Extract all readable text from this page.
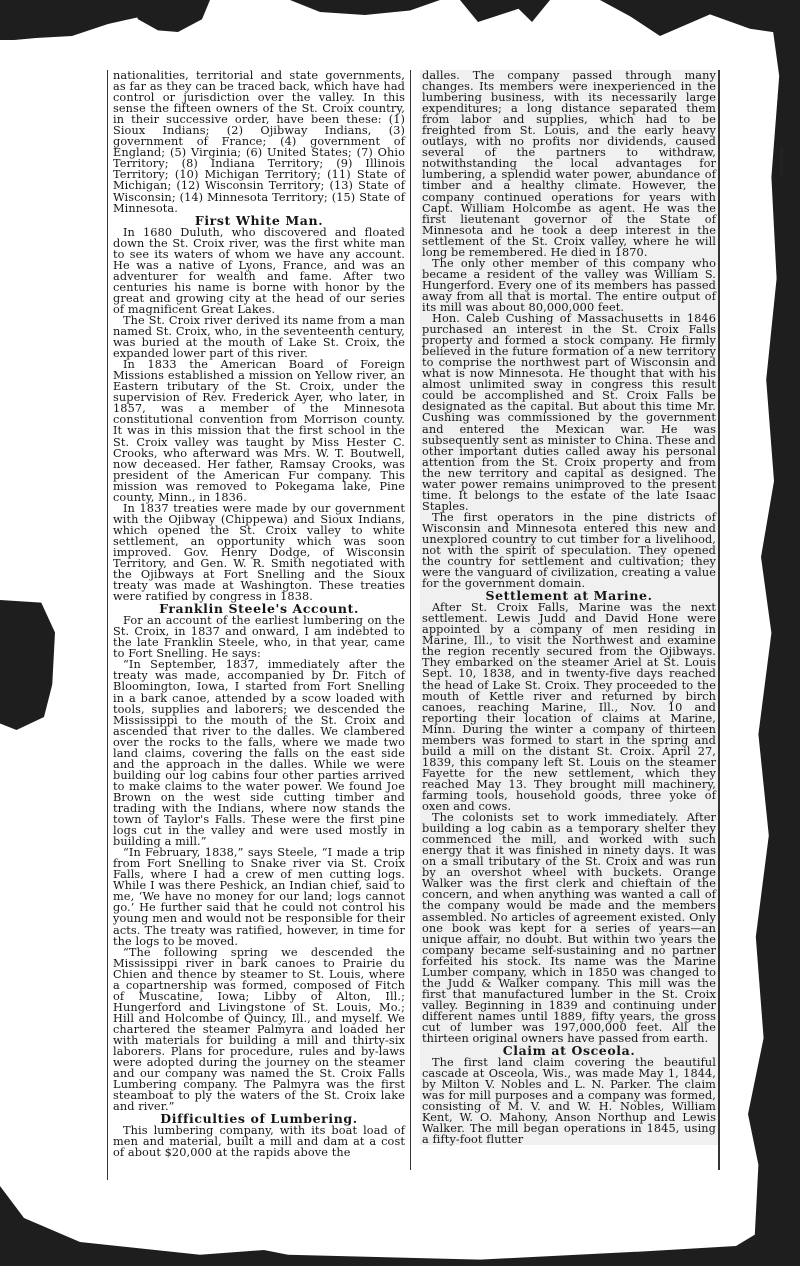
nationalities, territorial and state governments, as far as they can be traced back, which have had control or jurisdiction over the valley. In this sense the fifteen owners of the St. Croix country, in their successive order, have been these: (1) Sioux Indians; (2) Ojibway Indians, (3) government of France; (4) government of England; (5) Virginia; (6) United States; (7) Ohio Territory; (8) Indiana Territory; (9) Illinois Territory; (10) Michigan Territory; (11) State of Michigan; (12) Wisconsin Territory; (13) State of Wisconsin; (14) Minnesota Territory; (15) State of Minnesota.

First White Man.

In 1680 Duluth, who discovered and floated down the St. Croix river, was the first white man to see its waters of whom we have any account. He was a native of Lyons, France, and was an adventurer for wealth and fame. After two centuries his name is borne with honor by the great and growing city at the head of our series of magnificent Great Lakes.

The St. Croix river derived its name from a man named St. Croix, who, in the seventeenth century, was buried at the mouth of Lake St. Croix, the expanded lower part of this river.

In 1833 the American Board of Foreign Missions established a mission on Yellow river, an Eastern tributary of the St. Croix, under the supervision of Rev. Frederick Ayer, who later, in 1857, was a member of the Minnesota constitutional convention from Morrison county. It was in this mission that the first school in the St. Croix valley was taught by Miss Hester C. Crooks, who afterward was Mrs. W. T. Boutwell, now deceased. Her father, Ramsay Crooks, was president of the American Fur company. This mission was removed to Pokegama lake, Pine county, Minn., in 1836.

In 1837 treaties were made by our government with the Ojibway (Chippewa) and Sioux Indians, which opened the St. Croix valley to white settlement, an opportunity which was soon improved. Gov. Henry Dodge, of Wisconsin Territory, and Gen. W. R. Smith negotiated with the Ojibways at Fort Snelling and the Sioux treaty was made at Washington. These treaties were ratified by congress in 1838.

Franklin Steele's Account.

For an account of the earliest lumbering on the St. Croix, in 1837 and onward, I am indebted to the late Franklin Steele, who, in that year, came to Fort Snelling. He says:

“In September, 1837, immediately after the treaty was made, accompanied by Dr. Fitch of Bloomington, Iowa, I started from Fort Snelling in a bark canoe, attended by a scow loaded with tools, supplies and laborers; we descended the Mississippi to the mouth of the St. Croix and ascended that river to the dalles. We clambered over the rocks to the falls, where we made two land claims, covering the falls on the east side and the approach in the dalles. While we were building our log cabins four other parties arrived to make claims to the water power. We found Joe Brown on the west side cutting timber and trading with the Indians, where now stands the town of Taylor's Falls. These were the first pine logs cut in the valley and were used mostly in building a mill.”

“In February, 1838,” says Steele, “I made a trip from Fort Snelling to Snake river via St. Croix Falls, where I had a crew of men cutting logs. While I was there Peshick, an Indian chief, said to me, ‘We have no money for our land; logs cannot go.’ He further said that he could not control his young men and would not be responsible for their acts. The treaty was ratified, however, in time for the logs to be moved.

“The following spring we descended the Mississippi river in bark canoes to Prairie du Chien and thence by steamer to St. Louis, where a copartnership was formed, composed of Fitch of Muscatine, Iowa; Libby of Alton, Ill.; Hungerford and Livingstone of St. Louis, Mo.; Hill and Holcombe of Quincy, Ill., and myself. We chartered the steamer Palmyra and loaded her with materials for building a mill and thirty-six laborers. Plans for procedure, rules and by-laws were adopted during the journey on the steamer and our company was named the St. Croix Falls Lumbering company. The Palmyra was the first steamboat to ply the waters of the St. Croix lake and river.”

Difficulties of Lumbering.

This lumbering company, with its boat load of men and material, built a mill and dam at a cost of about $20,000 at the rapids above the

dalles. The company passed through many changes. Its members were inexperienced in the lumbering business, with its necessarily large expenditures; a long distance separated them from labor and supplies, which had to be freighted from St. Louis, and the early heavy outlays, with no profits nor dividends, caused several of the partners to withdraw, notwithstanding the local advantages for lumbering, a splendid water power, abundance of timber and a healthy climate. However, the company continued operations for years with Capt. William Holcombe as agent. He was the first lieutenant governor of the State of Minnesota and he took a deep interest in the settlement of the St. Croix valley, where he will long be remembered. He died in 1870.

The only other member of this company who became a resident of the valley was William S. Hungerford. Every one of its members has passed away from all that is mortal. The entire output of its mill was about 80,000,000 feet.

Hon. Caleb Cushing of Massachusetts in 1846 purchased an interest in the St. Croix Falls property and formed a stock company. He firmly believed in the future formation of a new territory to comprise the northwest part of Wisconsin and what is now Minnesota. He thought that with his almost unlimited sway in congress this result could be accomplished and St. Croix Falls be designated as the capital. But about this time Mr. Cushing was commissioned by the government and entered the Mexican war. He was subsequently sent as minister to China. These and other important duties called away his personal attention from the St. Croix property and from the new territory and capital as designed. The water power remains unimproved to the present time. It belongs to the estate of the late Isaac Staples.

The first operators in the pine districts of Wisconsin and Minnesota entered this new and unexplored country to cut timber for a livelihood, not with the spirit of speculation. They opened the country for settlement and cultivation; they were the vanguard of civilization, creating a value for the government domain.

Settlement at Marine.

After St. Croix Falls, Marine was the next settlement. Lewis Judd and David Hone were appointed by a company of men residing in Marine, Ill., to visit the Northwest and examine the region recently secured from the Ojibways. They embarked on the steamer Ariel at St. Louis Sept. 10, 1838, and in twenty-five days reached the head of Lake St. Croix. They proceeded to the mouth of Kettle river and returned by birch canoes, reaching Marine, Ill., Nov. 10 and reporting their location of claims at Marine, Minn. During the winter a company of thirteen members was formed to start in the spring and build a mill on the distant St. Croix. April 27, 1839, this company left St. Louis on the steamer Fayette for the new settlement, which they reached May 13. They brought mill machinery, farming tools, household goods, three yoke of oxen and cows.

The colonists set to work immediately. After building a log cabin as a temporary shelter they commenced the mill, and worked with such energy that it was finished in ninety days. It was on a small tributary of the St. Croix and was run by an overshot wheel with buckets. Orange Walker was the first clerk and chieftain of the concern, and when anything was wanted a call of the company would be made and the members assembled. No articles of agreement existed. Only one book was kept for a series of years—an unique affair, no doubt. But within two years the company became self-sustaining and no partner forfeited his stock. Its name was the Marine Lumber company, which in 1850 was changed to the Judd & Walker company. This mill was the first that manufactured lumber in the St. Croix valley. Beginning in 1839 and continuing under different names until 1889, fifty years, the gross cut of lumber was 197,000,000 feet. All the thirteen original owners have passed from earth.

Claim at Osceola.

The first land claim covering the beautiful cascade at Osceola, Wis., was made May 1, 1844, by Milton V. Nobles and L. N. Parker. The claim was for mill purposes and a company was formed, consisting of M. V. and W. H. Nobles, William Kent, W. O. Mahony, Anson Northup and Lewis Walker. The mill began operations in 1845, using a fifty-foot flutter
